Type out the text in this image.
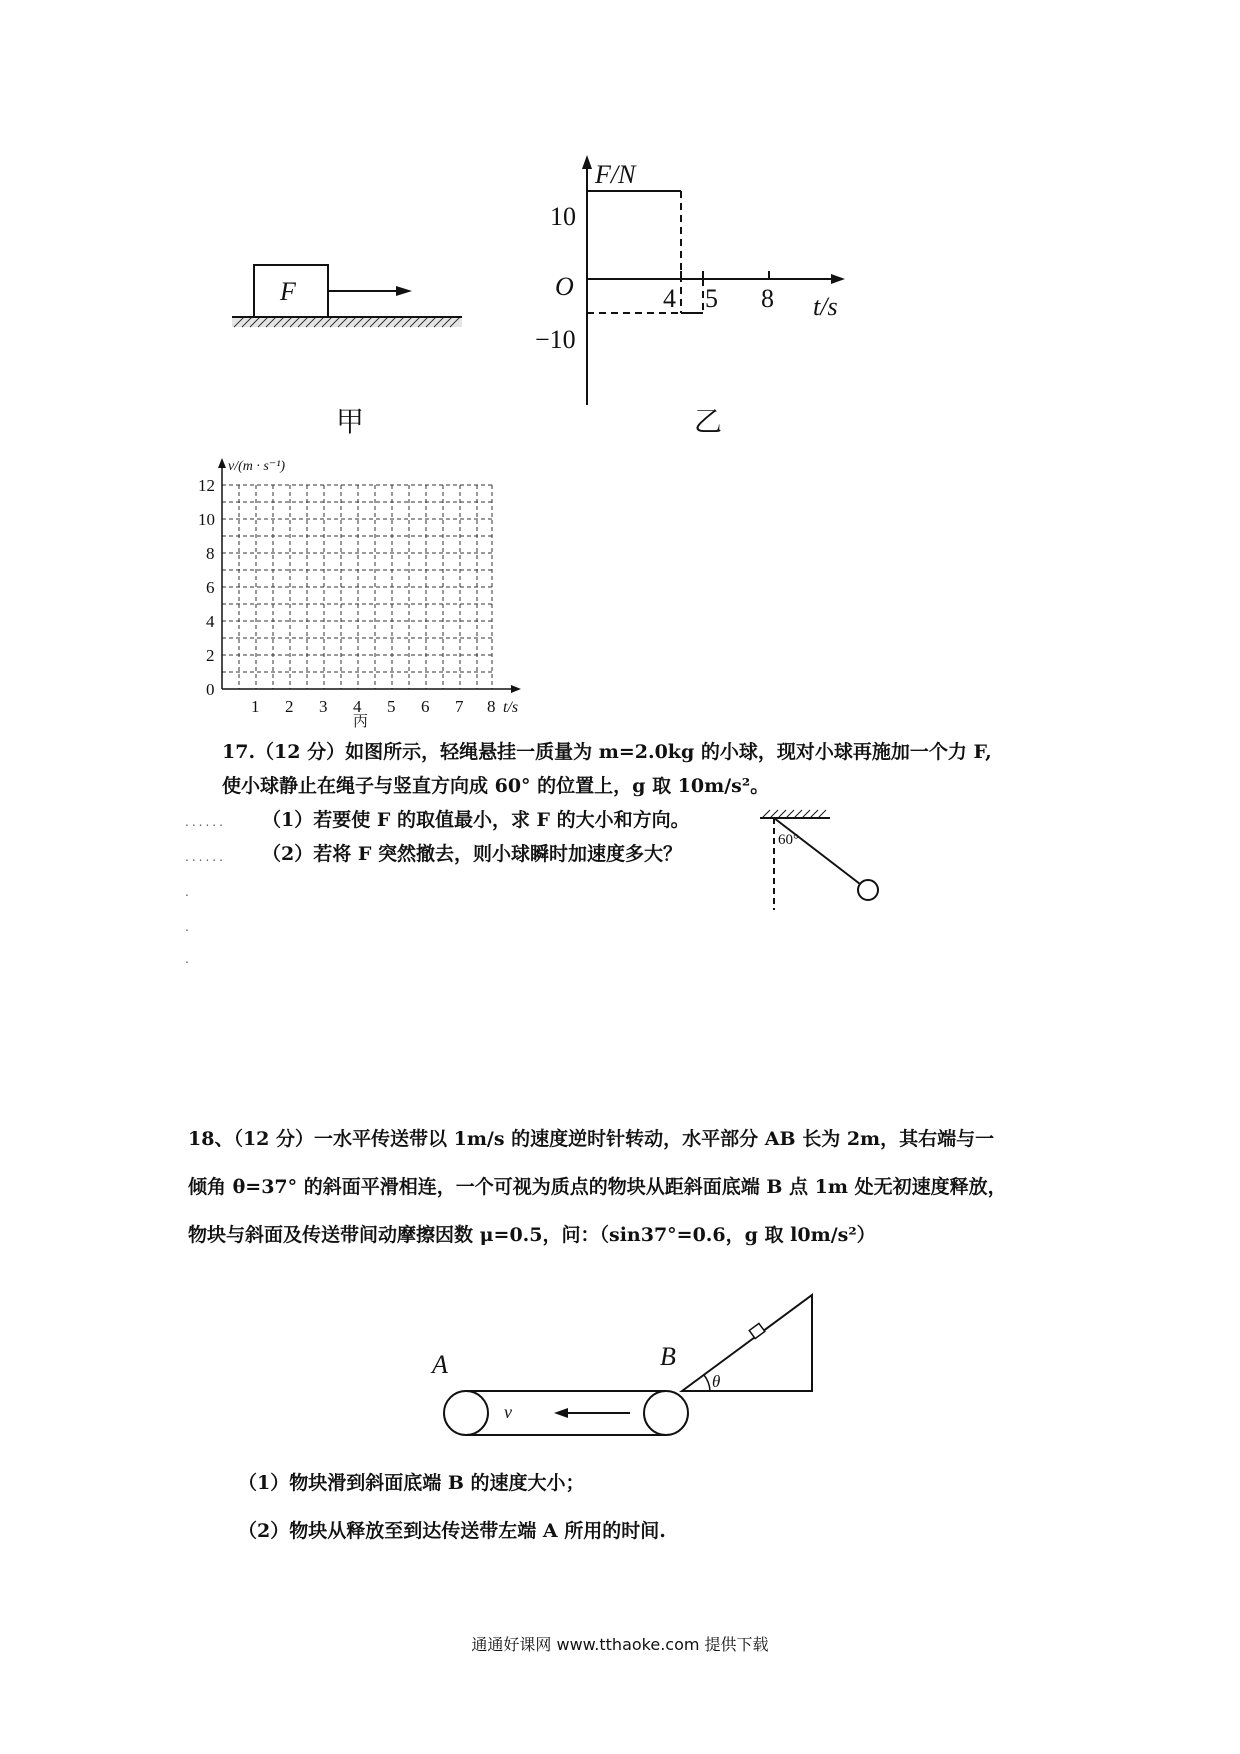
F
甲
F/N
t/s
O
10
−10
4 5 8
乙
v/(m · s⁻¹)
t/s
12
10
8
6
4
2
0
1 2 3 4 5 6 7 8
丙
17.（12 分）如图所示，轻绳悬挂一质量为 m=2.0kg 的小球，现对小球再施加一个力 F,
使小球静止在绳子与竖直方向成 60° 的位置上，g 取 10m/s²。
...... （1）若要使 F 的取值最小，求 F 的大小和方向。
...... （2）若将 F 突然撤去，则小球瞬时加速度多大？
60°
.
.
.
18、（12 分）一水平传送带以 1m/s 的速度逆时针转动，水平部分 AB 长为 2m，其右端与一
倾角 θ=37° 的斜面平滑相连，一个可视为质点的物块从距斜面底端 B 点 1m 处无初速度释放，
物块与斜面及传送带间动摩擦因数 μ=0.5，问：（sin37°=0.6，g 取 l0m/s²）
A	B
v
θ
（1）物块滑到斜面底端 B 的速度大小；
（2）物块从释放至到达传送带左端 A 所用的时间.
通通好课网 www.tthaoke.com 提供下载
